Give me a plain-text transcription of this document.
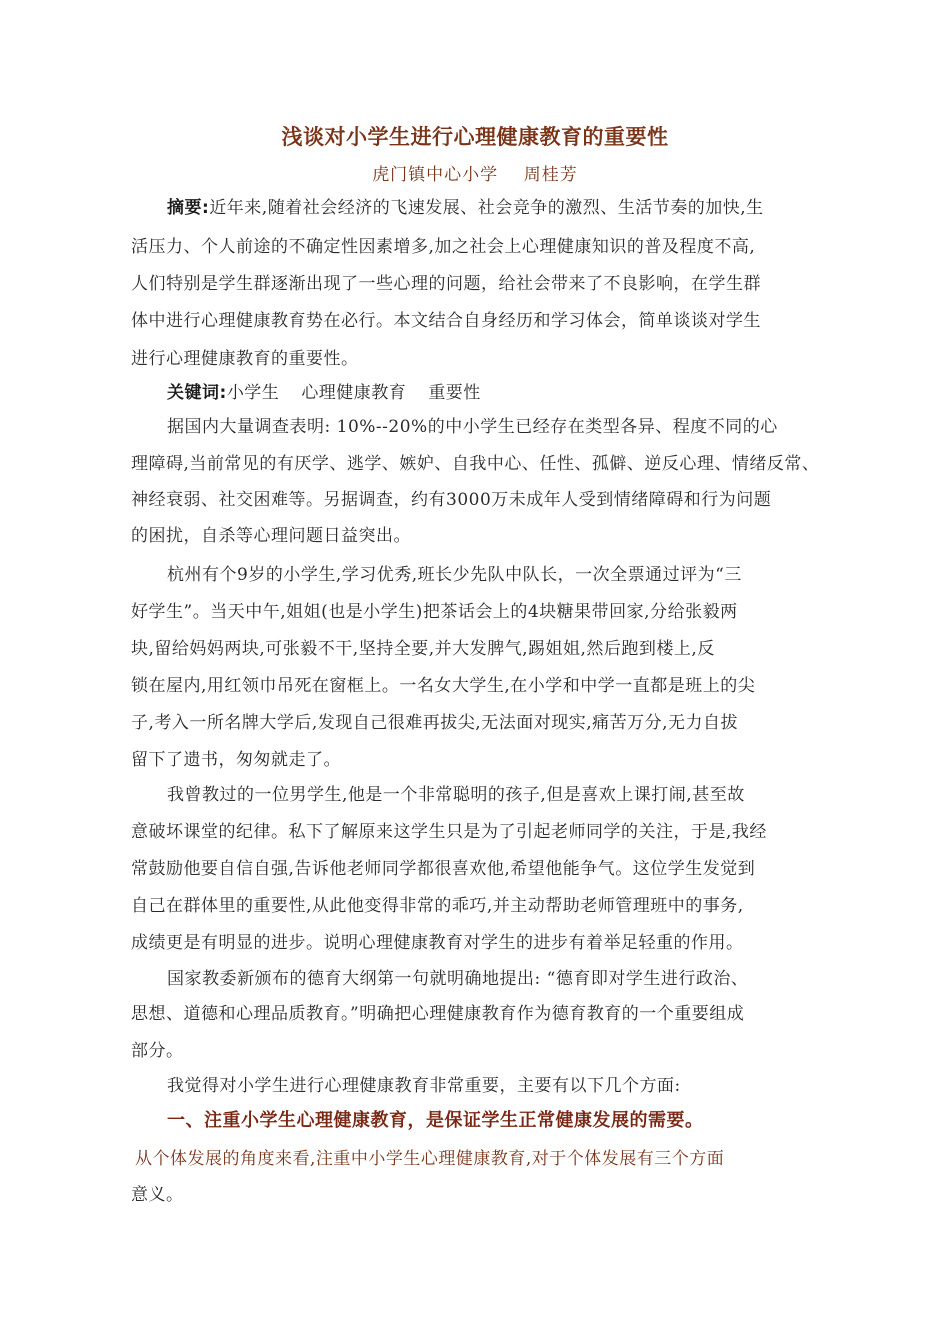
浅谈对小学生进行心理健康教育的重要性
虎门镇中心小学    周桂芳
摘要:近年来,随着社会经济的飞速发展、社会竞争的激烈、生活节奏的加快,生
活压力、个人前途的不确定性因素增多,加之社会上心理健康知识的普及程度不高,
人们特别是学生群逐渐出现了一些心理的问题，给社会带来了不良影响，在学生群
体中进行心理健康教育势在必行。本文结合自身经历和学习体会，简单谈谈对学生
进行心理健康教育的重要性。
关键词:小学生 心理健康教育 重要性
据国内大量调查表明: 10%--20%的中小学生已经存在类型各异、程度不同的心
理障碍,当前常见的有厌学、逃学、嫉妒、自我中心、任性、孤僻、逆反心理、情绪反常、
神经衰弱、社交困难等。另据调查，约有3000万未成年人受到情绪障碍和行为问题
的困扰，自杀等心理问题日益突出。
杭州有个9岁的小学生,学习优秀,班长少先队中队长，一次全票通过评为“三
好学生”。当天中午,姐姐(也是小学生)把茶话会上的4块糖果带回家,分给张毅两
块,留给妈妈两块,可张毅不干,坚持全要,并大发脾气,踢姐姐,然后跑到楼上,反
锁在屋内,用红领巾吊死在窗框上。一名女大学生,在小学和中学一直都是班上的尖
子,考入一所名牌大学后,发现自己很难再拔尖,无法面对现实,痛苦万分,无力自拔
留下了遗书，匆匆就走了。
我曾教过的一位男学生,他是一个非常聪明的孩子,但是喜欢上课打闹,甚至故
意破坏课堂的纪律。私下了解原来这学生只是为了引起老师同学的关注，于是,我经
常鼓励他要自信自强,告诉他老师同学都很喜欢他,希望他能争气。这位学生发觉到
自己在群体里的重要性,从此他变得非常的乖巧,并主动帮助老师管理班中的事务,
成绩更是有明显的进步。说明心理健康教育对学生的进步有着举足轻重的作用。
国家教委新颁布的德育大纲第一句就明确地提出: “德育即对学生进行政治、
思想、道德和心理品质教育。”明确把心理健康教育作为德育教育的一个重要组成
部分。
我觉得对小学生进行心理健康教育非常重要，主要有以下几个方面:
一、注重小学生心理健康教育，是保证学生正常健康发展的需要。
从个体发展的角度来看,注重中小学生心理健康教育,对于个体发展有三个方面
意义。
